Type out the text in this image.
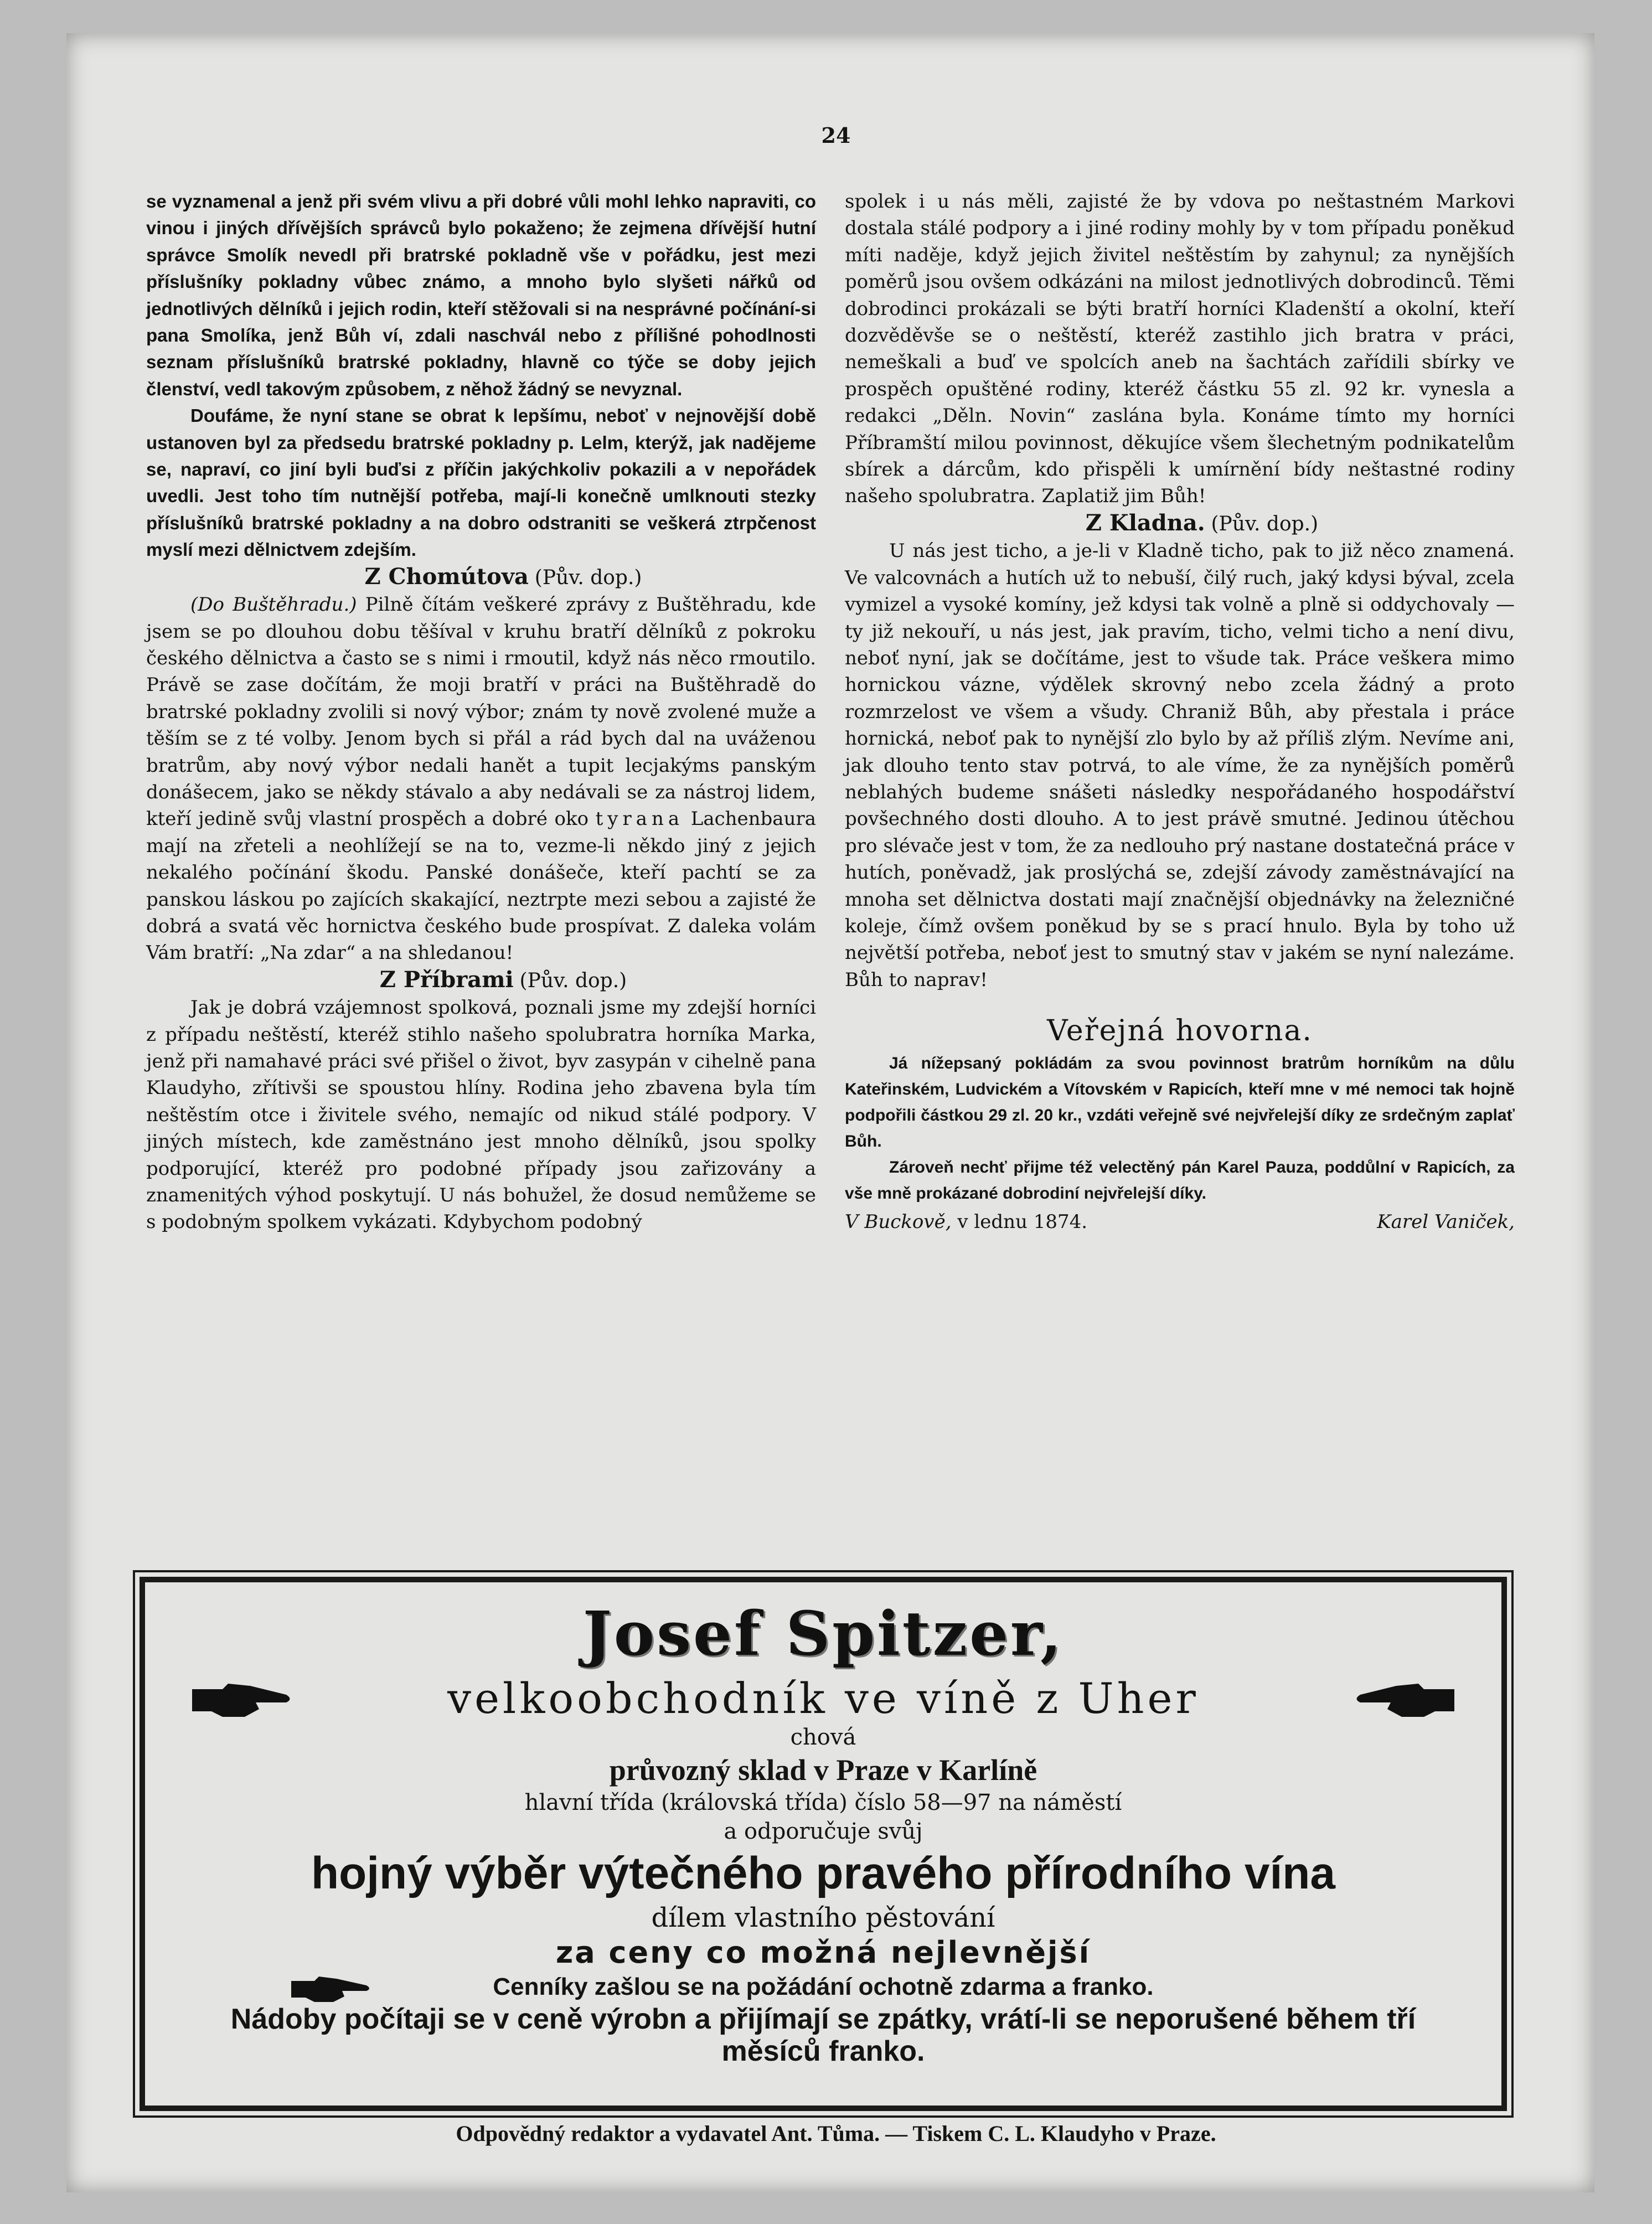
24

se vyznamenal a jenž při svém vlivu a při dobré vůli mohl lehko napraviti, co vinou i jiných dřívějších správců bylo pokaženo; že zejmena dřívější hutní správce Smolík nevedl při bratrské pokladně vše v pořádku, jest mezi příslušníky pokladny vůbec známo, a mnoho bylo slyšeti nářků od jednotlivých dělníků i jejich rodin, kteří stěžovali si na nesprávné počínání-si pana Smolíka, jenž Bůh ví, zdali naschvál nebo z přílišné pohodlnosti seznam příslušníků bratrské pokladny, hlavně co týče se doby jejich členství, vedl takovým způsobem, z něhož žádný se nevyznal.

Doufáme, že nyní stane se obrat k lepšímu, neboť v nejnovější době ustanoven byl za předsedu bratrské pokladny p. Lelm, kterýž, jak nadějeme se, napraví, co jiní byli buďsi z příčin jakýchkoliv pokazili a v nepořádek uvedli. Jest toho tím nutnější potřeba, mají-li konečně umlknouti stezky příslušníků bratrské pokladny a na dobro odstraniti se veškerá ztrpčenost myslí mezi dělnictvem zdejším.

Z Chomútova (Pův. dop.)

(Do Buštěhradu.) Pilně čítám veškeré zprávy z Buštěhradu, kde jsem se po dlouhou dobu těšíval v kruhu bratří dělníků z pokroku českého dělnictva a často se s nimi i rmoutil, když nás něco rmoutilo. Právě se zase dočítám, že moji bratří v práci na Buštěhradě do bratrské pokladny zvolili si nový výbor; znám ty nově zvolené muže a těším se z té volby. Jenom bych si přál a rád bych dal na uváženou bratrům, aby nový výbor nedali hanět a tupit lecjakýms panským donášecem, jako se někdy stávalo a aby nedávali se za nástroj lidem, kteří jedině svůj vlastní prospěch a dobré oko tyrana Lachenbaura mají na zřeteli a neohlížejí se na to, vezme-li někdo jiný z jejich nekalého počínání škodu. Panské donášeče, kteří pachtí se za panskou láskou po zajících skakající, neztrpte mezi sebou a zajisté že dobrá a svatá věc hornictva českého bude prospívat. Z daleka volám Vám bratří: „Na zdar“ a na shledanou!

Z Příbrami (Pův. dop.)

Jak je dobrá vzájemnost spolková, poznali jsme my zdejší horníci z případu neštěstí, kteréž stihlo našeho spolubratra horníka Marka, jenž při namahavé práci své přišel o život, byv zasypán v cihelně pana Klaudyho, zřítivši se spoustou hlíny. Rodina jeho zbavena byla tím neštěstím otce i živitele svého, nemajíc od nikud stálé podpory. V jiných místech, kde zaměstnáno jest mnoho dělníků, jsou spolky podporující, kteréž pro podobné případy jsou zařizovány a znamenitých výhod poskytují. U nás bohužel, že dosud nemůžeme se s podobným spolkem vykázati. Kdybychom podobný

spolek i u nás měli, zajisté že by vdova po neštastném Markovi dostala stálé podpory a i jiné rodiny mohly by v tom případu poněkud míti naděje, když jejich živitel neštěstím by zahynul; za nynějších poměrů jsou ovšem odkázáni na milost jednotlivých dobrodinců. Těmi dobrodinci prokázali se býti bratří horníci Kladenští a okolní, kteří dozvěděvše se o neštěstí, kteréž zastihlo jich bratra v práci, nemeškali a buď ve spolcích aneb na šachtách zařídili sbírky ve prospěch opuštěné rodiny, kteréž částku 55 zl. 92 kr. vynesla a redakci „Děln. Novin“ zaslána byla. Konáme tímto my horníci Příbramští milou povinnost, děkujíce všem šlechetným podnikatelům sbírek a dárcům, kdo přispěli k umírnění bídy neštastné rodiny našeho spolubratra. Zaplatiž jim Bůh!

Z Kladna. (Pův. dop.)

U nás jest ticho, a je-li v Kladně ticho, pak to již něco znamená. Ve valcovnách a hutích už to nebuší, čilý ruch, jaký kdysi býval, zcela vymizel a vysoké komíny, jež kdysi tak volně a plně si oddychovaly — ty již nekouří, u nás jest, jak pravím, ticho, velmi ticho a není divu, neboť nyní, jak se dočítáme, jest to všude tak. Práce veškera mimo hornickou vázne, výdělek skrovný nebo zcela žádný a proto rozmrzelost ve všem a všudy. Chraniž Bůh, aby přestala i práce hornická, neboť pak to nynější zlo bylo by až příliš zlým. Nevíme ani, jak dlouho tento stav potrvá, to ale víme, že za nynějších poměrů neblahých budeme snášeti následky nespořádaného hospodářství povšechného dosti dlouho. A to jest právě smutné. Jedinou útěchou pro slévače jest v tom, že za nedlouho prý nastane dostatečná práce v hutích, poněvadž, jak proslýchá se, zdejší závody zaměstnávající na mnoha set dělnictva dostati mají značnější objednávky na železničné koleje, čímž ovšem poněkud by se s prací hnulo. Byla by toho už největší potřeba, neboť jest to smutný stav v jakém se nyní nalezáme. Bůh to naprav!

Veřejná hovorna.

Já nížepsaný pokládám za svou povinnost bratrům horníkům na důlu Kateřinském, Ludvickém a Vítovském v Rapicích, kteří mne v mé nemoci tak hojně podpořili částkou 29 zl. 20 kr., vzdáti veřejně své nejvřelejší díky ze srdečným zaplať Bůh.

Zároveň nechť přijme též velectěný pán Karel Pauza, poddůlní v Rapicích, za vše mně prokázané dobrodiní nejvřelejší díky.

V Buckově, v lednu 1874.	Karel Vaniček,
Josef Spitzer,
velkoobchodník ve víně z Uher
chová
průvozný sklad v Praze v Karlíně
hlavní třída (královská třída) číslo 58—97 na náměstí
a odporučuje svůj
hojný výběr výtečného pravého přírodního vína
dílem vlastního pěstování
za ceny co možná nejlevnější
Cenníky zašlou se na požádání ochotně zdarma a franko.
Nádoby počítaji se v ceně výrobn a přijímají se zpátky, vrátí-li se neporušené během tří
měsíců franko.
Odpovědný redaktor a vydavatel Ant. Tůma. — Tiskem C. L. Klaudyho v Praze.
